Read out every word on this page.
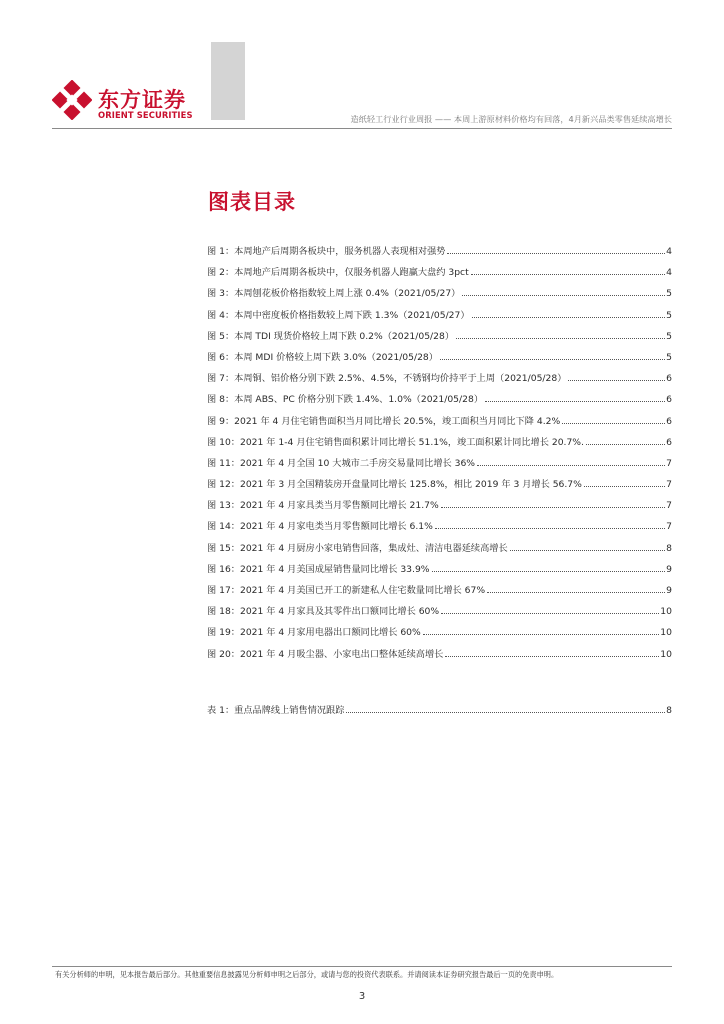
东方证券
ORIENT SECURITIES	造纸轻工行业行业周报 —— 本周上游原材料价格均有回落，4月新兴品类零售延续高增长
图表目录
图 1：本周地产后周期各板块中，服务机器人表现相对强势	4
图 2：本周地产后周期各板块中，仅服务机器人跑赢大盘约 3pct	4
图 3：本周刨花板价格指数较上周上涨 0.4%（2021/05/27）	5
图 4：本周中密度板价格指数较上周下跌 1.3%（2021/05/27）	5
图 5：本周 TDI 现货价格较上周下跌 0.2%（2021/05/28）	5
图 6：本周 MDI 价格较上周下跌 3.0%（2021/05/28）	5
图 7：本周铜、铝价格分别下跌 2.5%、4.5%，不锈钢均价持平于上周（2021/05/28）	6
图 8：本周 ABS、PC 价格分别下跌 1.4%、1.0%（2021/05/28）	6
图 9：2021 年 4 月住宅销售面积当月同比增长 20.5%，竣工面积当月同比下降 4.2%	6
图 10：2021 年 1-4 月住宅销售面积累计同比增长 51.1%，竣工面积累计同比增长 20.7%.	6
图 11：2021 年 4 月全国 10 大城市二手房交易量同比增长 36%	7
图 12：2021 年 3 月全国精装房开盘量同比增长 125.8%，相比 2019 年 3 月增长 56.7%	7
图 13：2021 年 4 月家具类当月零售额同比增长 21.7%	7
图 14：2021 年 4 月家电类当月零售额同比增长 6.1%	7
图 15：2021 年 4 月厨房小家电销售回落，集成灶、清洁电器延续高增长	8
图 16：2021 年 4 月美国成屋销售量同比增长 33.9%	9
图 17：2021 年 4 月美国已开工的新建私人住宅数量同比增长 67%	9
图 18：2021 年 4 月家具及其零件出口额同比增长 60%	10
图 19：2021 年 4 月家用电器出口额同比增长 60%	10
图 20：2021 年 4 月吸尘器、小家电出口整体延续高增长	10
表 1：重点品牌线上销售情况跟踪	8
有关分析师的申明，见本报告最后部分。其他重要信息披露见分析师申明之后部分，或请与您的投资代表联系。并请阅读本证券研究报告最后一页的免责申明。
3
